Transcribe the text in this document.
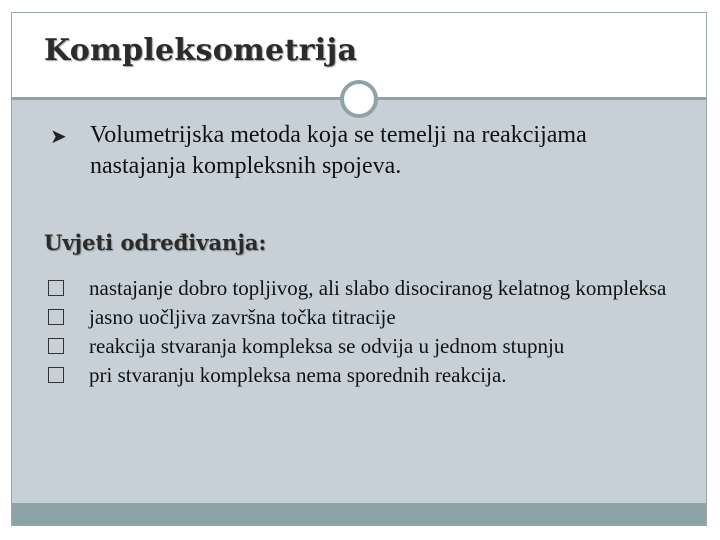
Kompleksometrija
➤ Volumetrijska metoda koja se temelji na reakcijama nastajanja kompleksnih spojeva.
Uvjeti određivanja:
nastajanje dobro topljivog, ali slabo disociranog kelatnog kompleksa
jasno uočljiva završna točka titracije
reakcija stvaranja kompleksa se odvija u jednom stupnju
pri stvaranju kompleksa nema sporednih reakcija.
